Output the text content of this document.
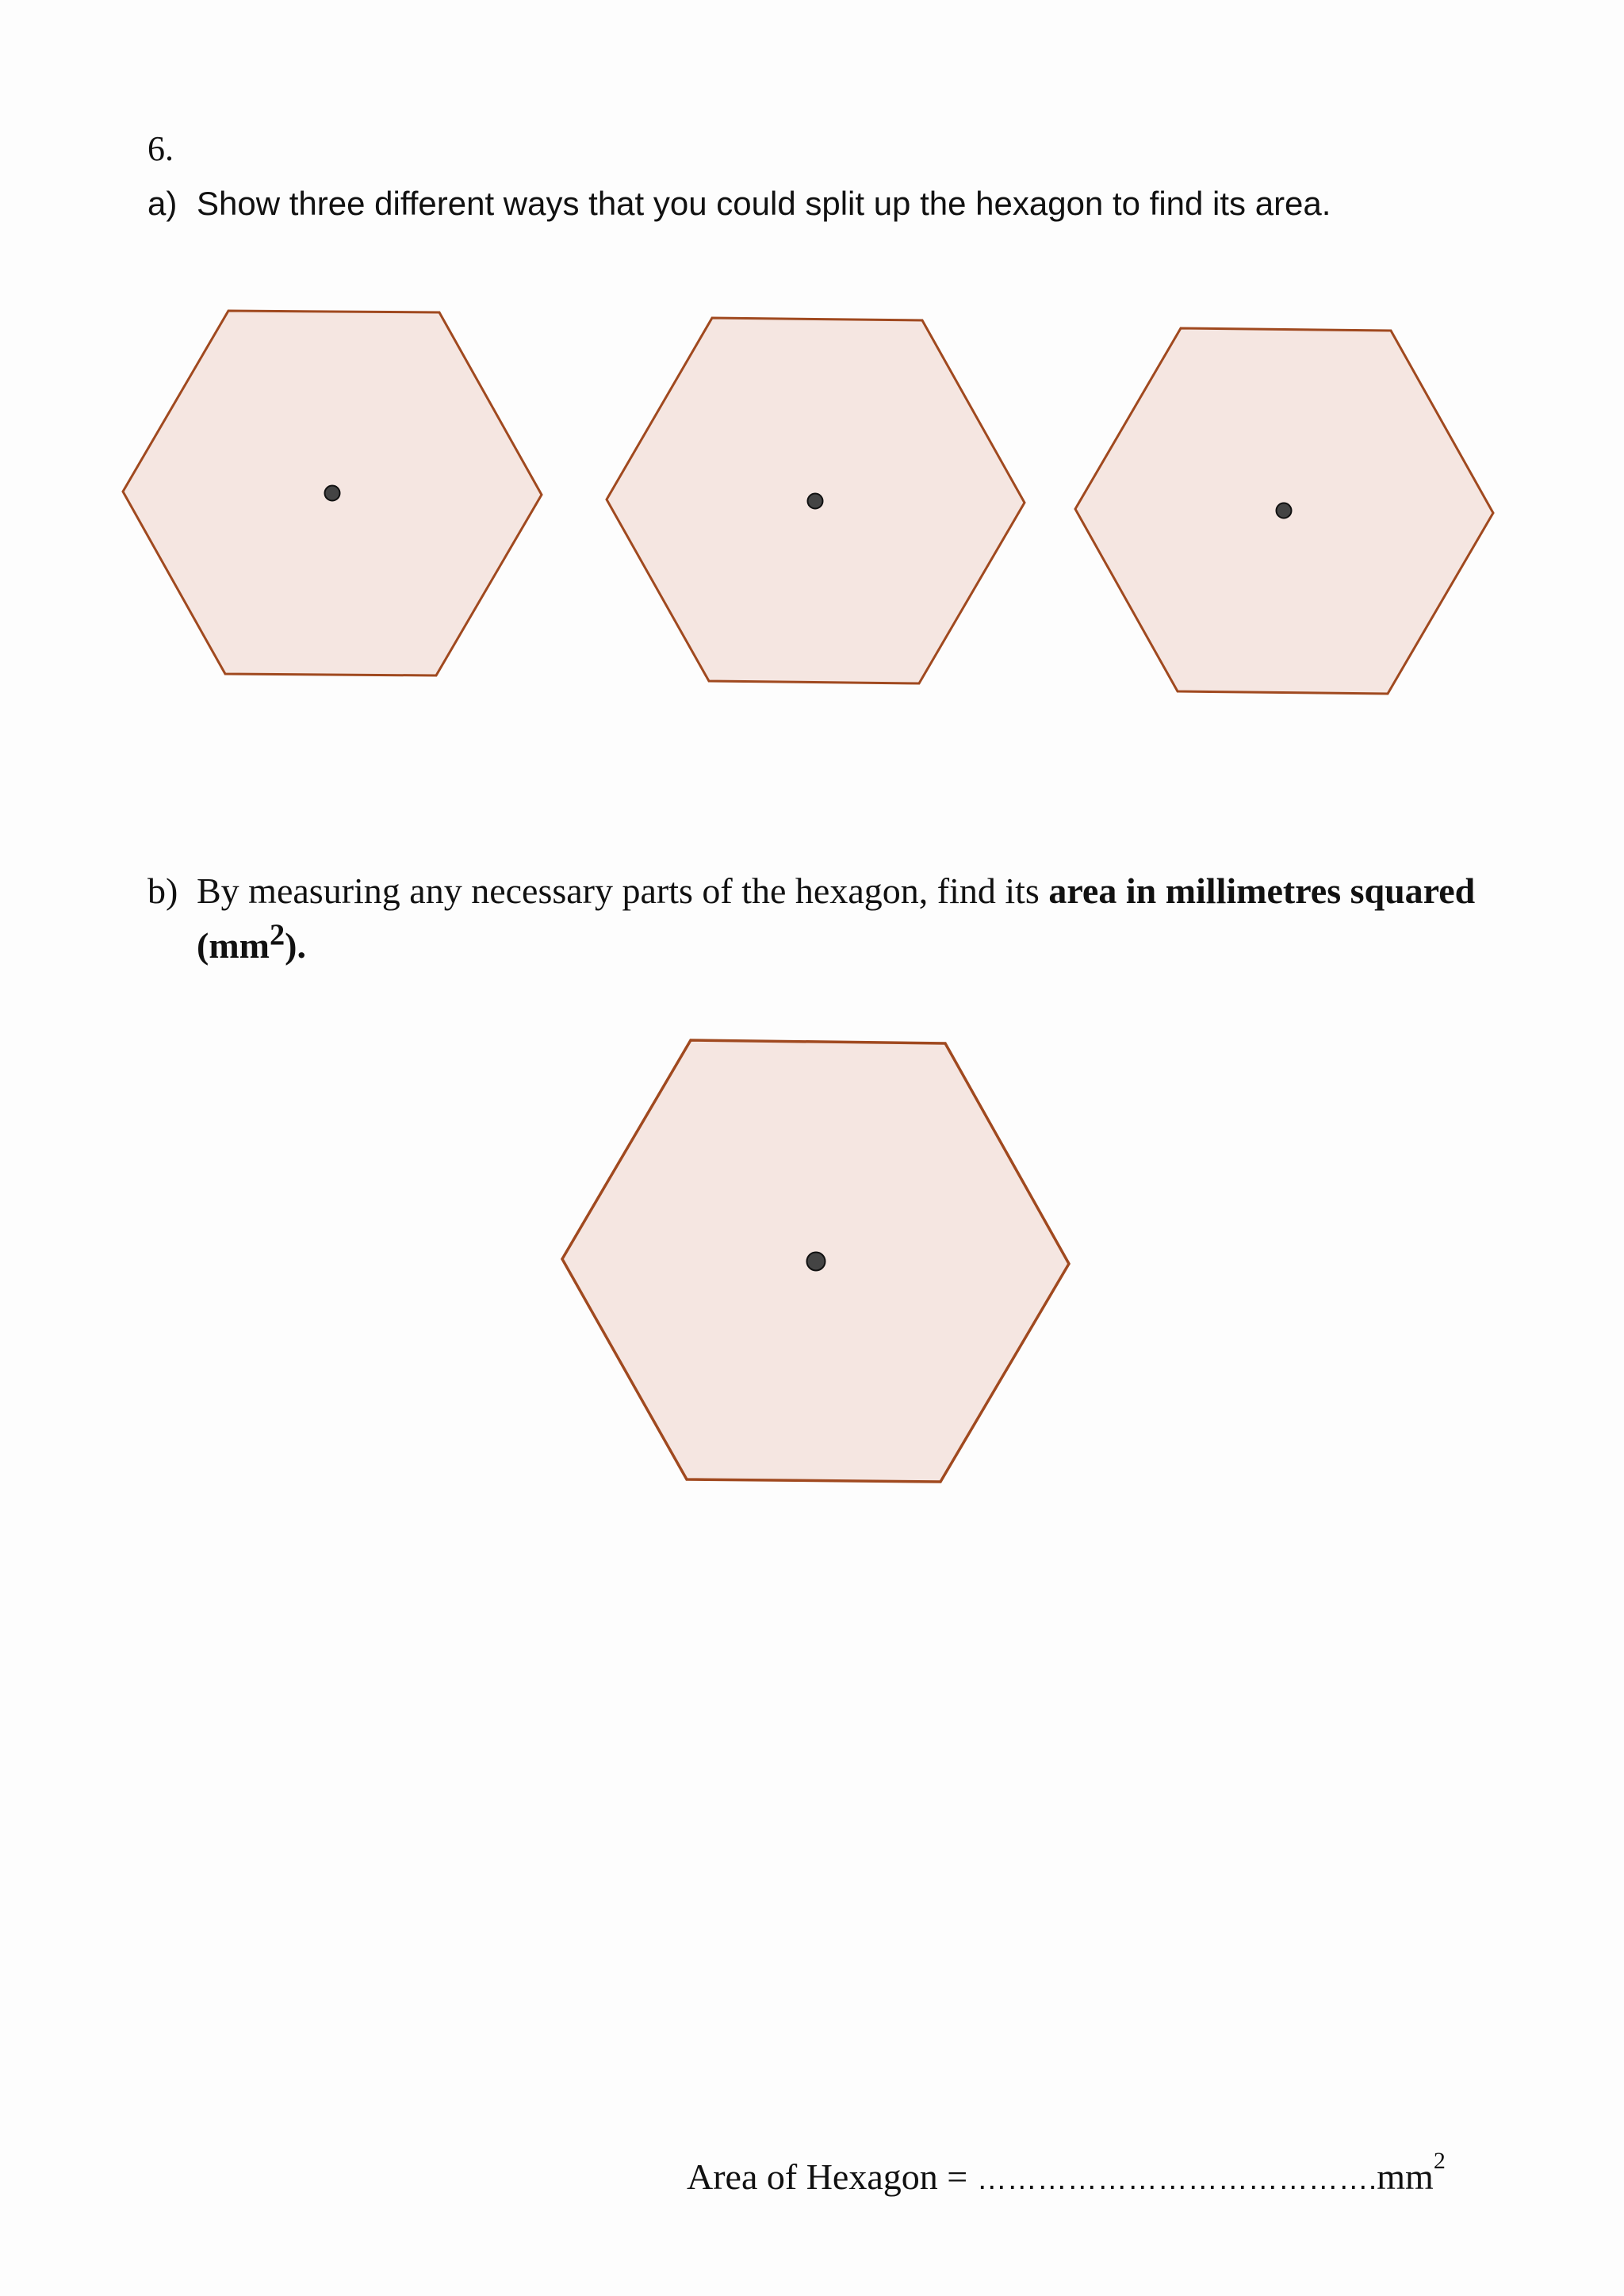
6.
a) Show three different ways that you could split up the hexagon to find its area.
b) By measuring any necessary parts of the hexagon, find its area in millimetres squared $(mm^2)$.
Area of Hexagon = $\dots\dots\dots\dots\dots\dots\dots\dots\dots\dots\dots\dots\dots.mm^2$
